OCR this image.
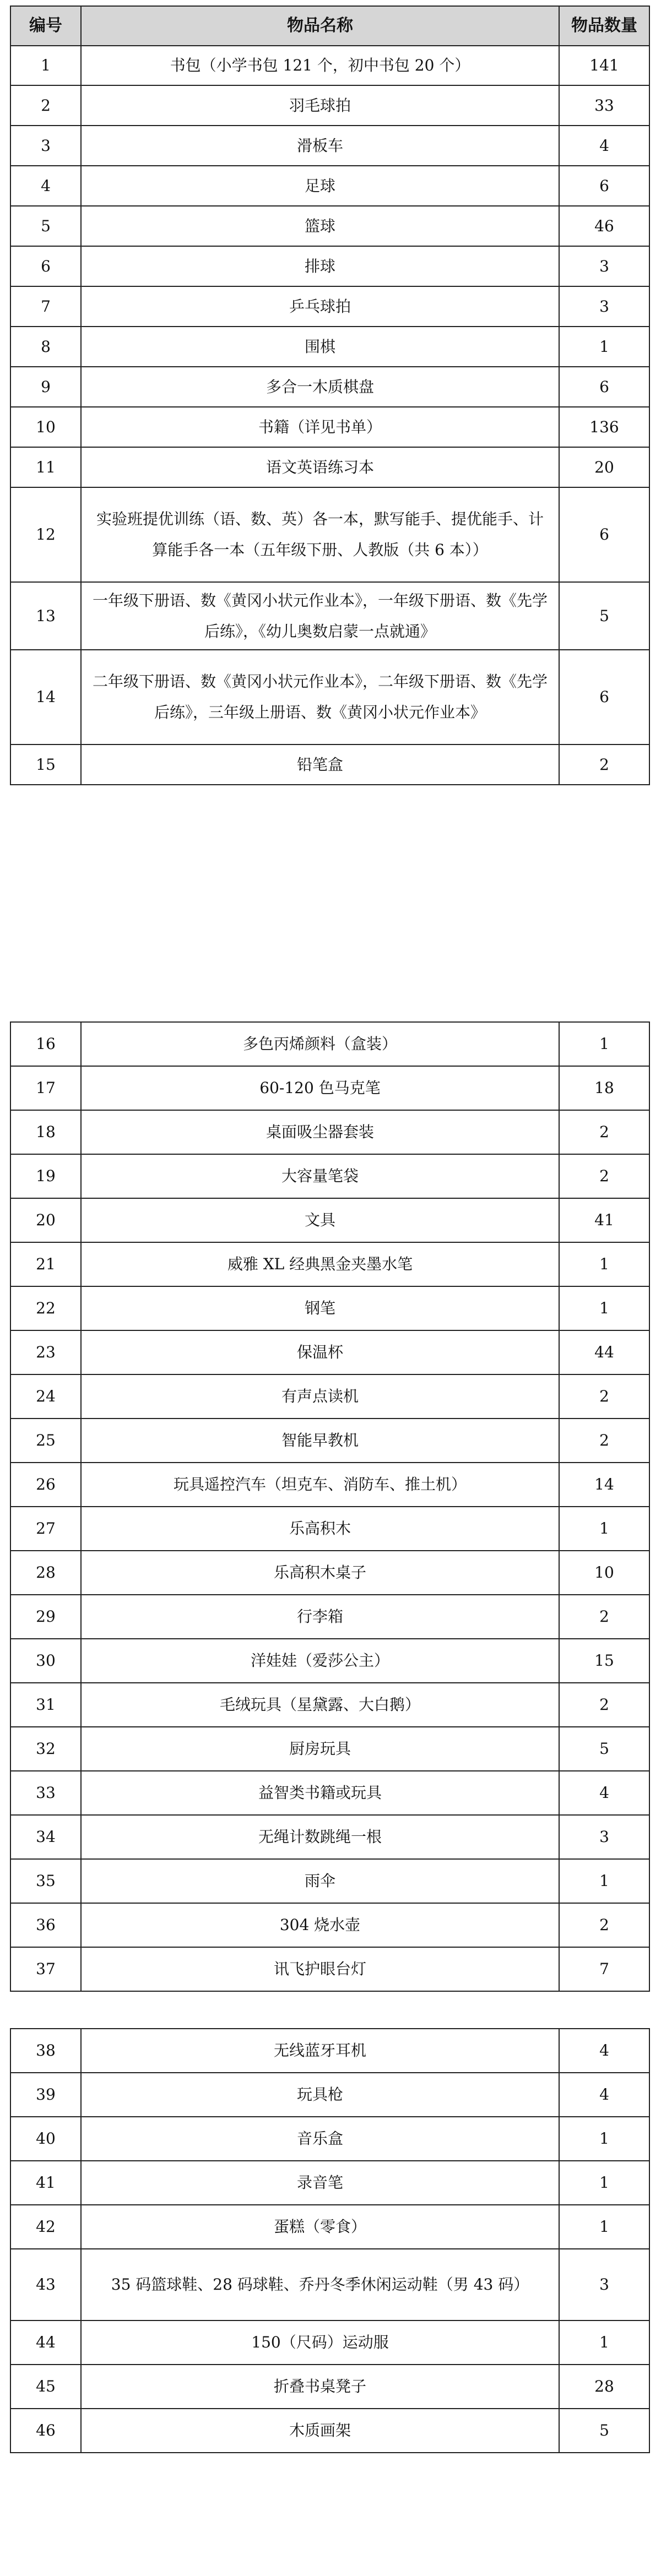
编号	物品名称	物品数量
1	书包（小学书包 121 个，初中书包 20 个）	141
2	羽毛球拍	33
3	滑板车	4
4	足球	6
5	篮球	46
6	排球	3
7	乒乓球拍	3
8	围棋	1
9	多合一木质棋盘	6
10	书籍（详见书单）	136
11	语文英语练习本	20
12	实验班提优训练（语、数、英）各一本，默写能手、提优能手、计算能手各一本（五年级下册、人教版（共 6 本））	6
13	一年级下册语、数《黄冈小状元作业本》，一年级下册语、数《先学后练》，《幼儿奥数启蒙一点就通》	5
14	二年级下册语、数《黄冈小状元作业本》，二年级下册语、数《先学后练》，三年级上册语、数《黄冈小状元作业本》	6
15	铅笔盒	2
16	多色丙烯颜料（盒装）	1
17	60-120 色马克笔	18
18	桌面吸尘器套装	2
19	大容量笔袋	2
20	文具	41
21	威雅 XL 经典黑金夹墨水笔	1
22	钢笔	1
23	保温杯	44
24	有声点读机	2
25	智能早教机	2
26	玩具遥控汽车（坦克车、消防车、推土机）	14
27	乐高积木	1
28	乐高积木桌子	10
29	行李箱	2
30	洋娃娃（爱莎公主）	15
31	毛绒玩具（星黛露、大白鹅）	2
32	厨房玩具	5
33	益智类书籍或玩具	4
34	无绳计数跳绳一根	3
35	雨伞	1
36	304 烧水壶	2
37	讯飞护眼台灯	7
38	无线蓝牙耳机	4
39	玩具枪	4
40	音乐盒	1
41	录音笔	1
42	蛋糕（零食）	1
43	35 码篮球鞋、28 码球鞋、乔丹冬季休闲运动鞋（男 43 码）	3
44	150（尺码）运动服	1
45	折叠书桌凳子	28
46	木质画架	5
